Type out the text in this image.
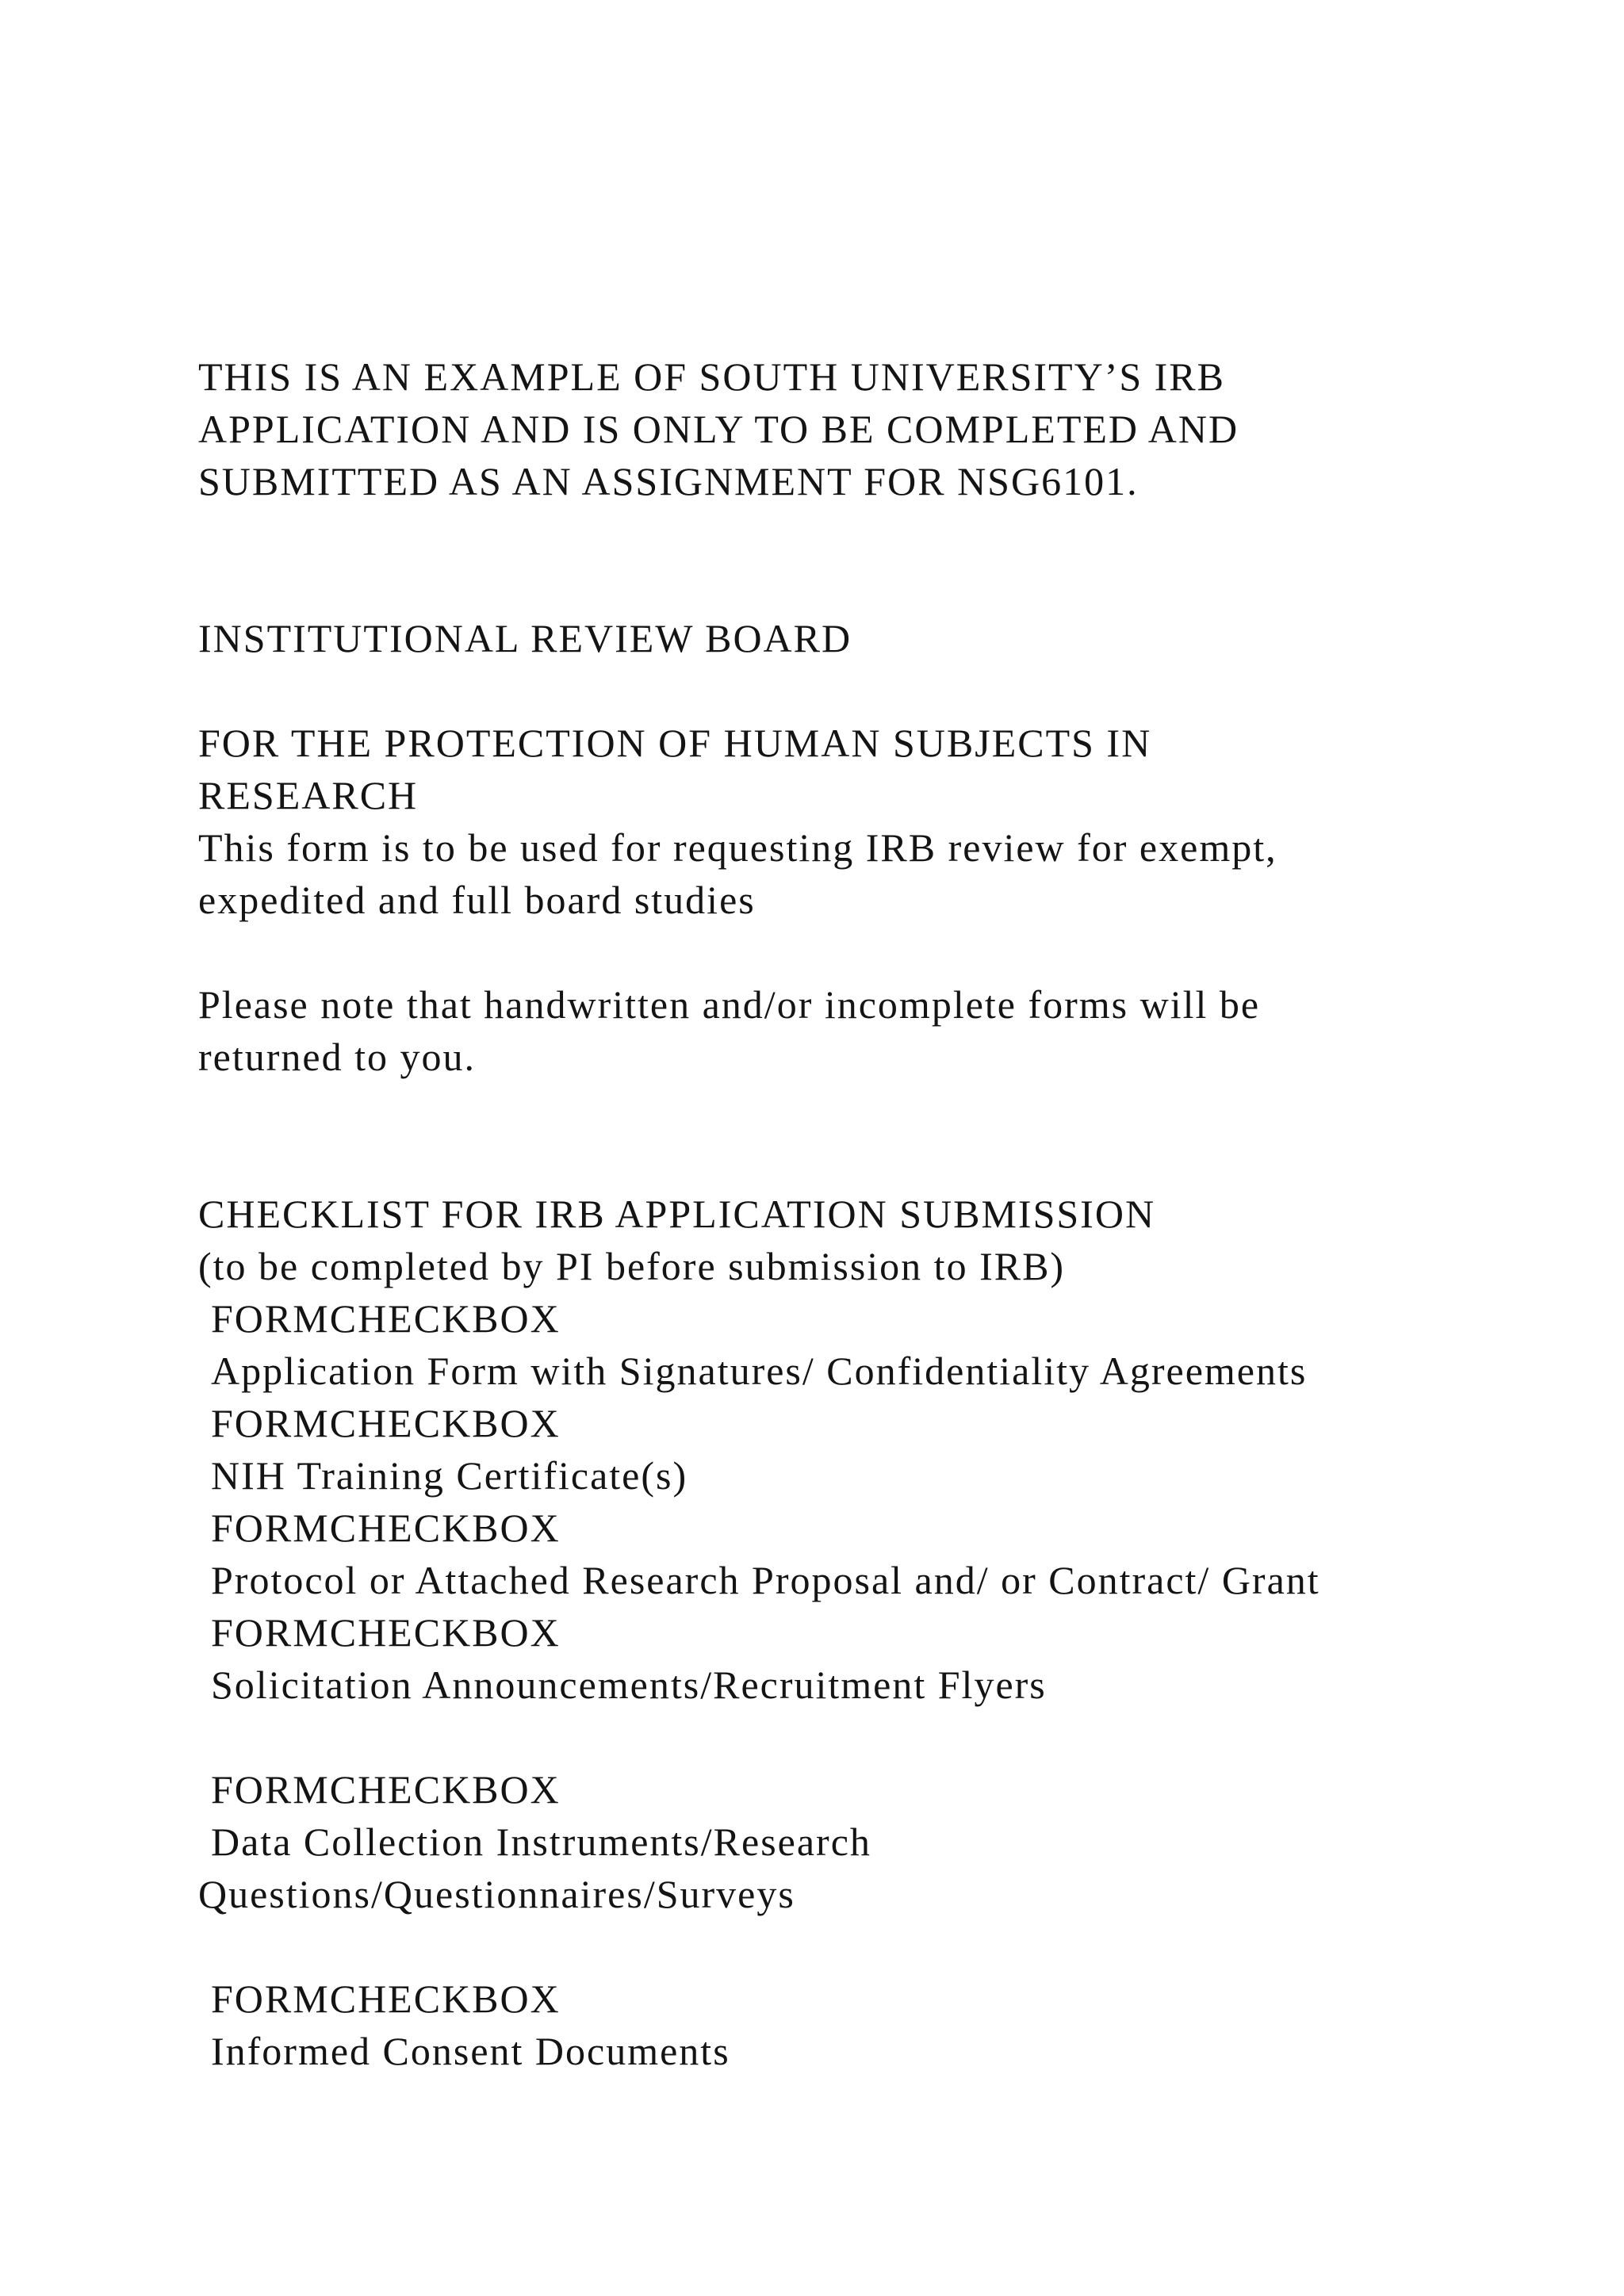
THIS IS AN EXAMPLE OF SOUTH UNIVERSITY’S IRB
APPLICATION AND IS ONLY TO BE COMPLETED AND
SUBMITTED AS AN ASSIGNMENT FOR NSG6101.
INSTITUTIONAL REVIEW BOARD
FOR THE PROTECTION OF HUMAN SUBJECTS IN
RESEARCH
This form is to be used for requesting IRB review for exempt,
expedited and full board studies
Please note that handwritten and/or incomplete forms will be
returned to you.
CHECKLIST FOR IRB APPLICATION SUBMISSION
(to be completed by PI before submission to IRB)
FORMCHECKBOX
Application Form with Signatures/ Confidentiality Agreements
FORMCHECKBOX
NIH Training Certificate(s)
FORMCHECKBOX
Protocol or Attached Research Proposal and/ or Contract/ Grant
FORMCHECKBOX
Solicitation Announcements/Recruitment Flyers
FORMCHECKBOX
Data Collection Instruments/Research
Questions/Questionnaires/Surveys
FORMCHECKBOX
Informed Consent Documents
